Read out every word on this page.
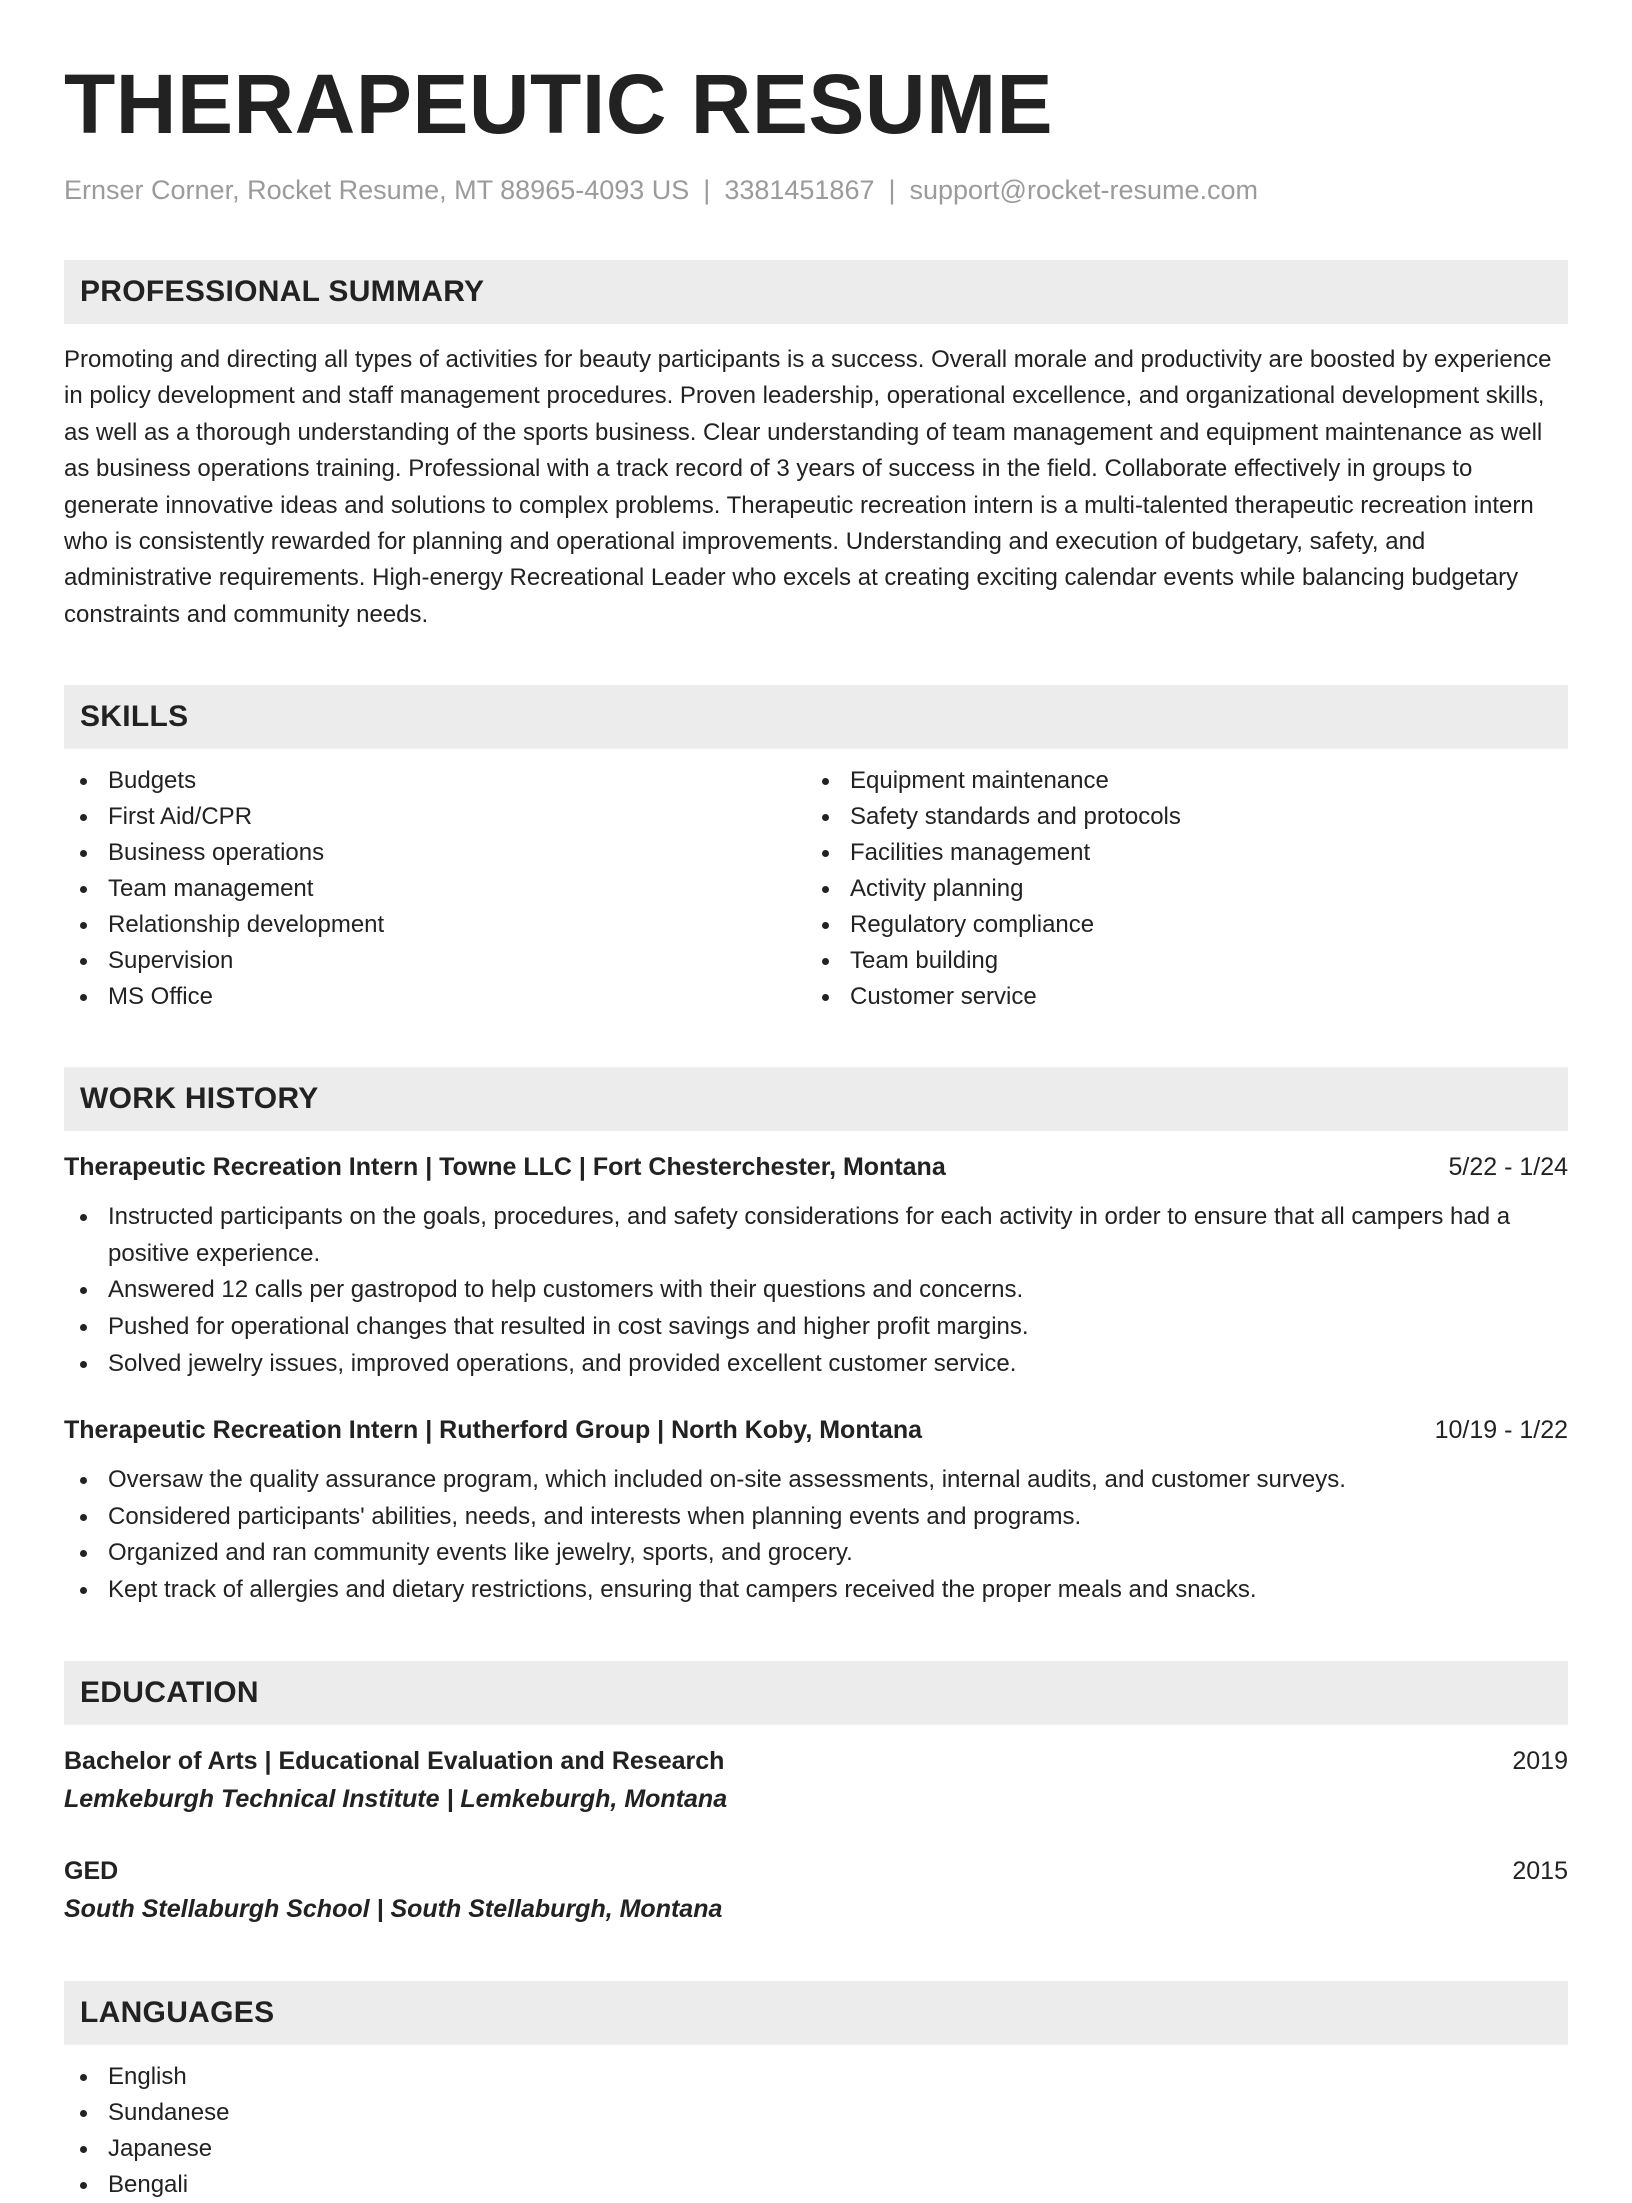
THERAPEUTIC RESUME
Ernser Corner, Rocket Resume, MT 88965-4093 US | 3381451867 | support@rocket-resume.com
PROFESSIONAL SUMMARY

Promoting and directing all types of activities for beauty participants is a success. Overall morale and productivity are boosted by experience in policy development and staff management procedures. Proven leadership, operational excellence, and organizational development skills, as well as a thorough understanding of the sports business. Clear understanding of team management and equipment maintenance as well as business operations training. Professional with a track record of 3 years of success in the field. Collaborate effectively in groups to generate innovative ideas and solutions to complex problems. Therapeutic recreation intern is a multi-talented therapeutic recreation intern who is consistently rewarded for planning and operational improvements. Understanding and execution of budgetary, safety, and administrative requirements. High-energy Recreational Leader who excels at creating exciting calendar events while balancing budgetary constraints and community needs.

SKILLS
Budgets
First Aid/CPR
Business operations
Team management
Relationship development
Supervision
MS Office
Equipment maintenance
Safety standards and protocols
Facilities management
Activity planning
Regulatory compliance
Team building
Customer service
WORK HISTORY
Therapeutic Recreation Intern | Towne LLC | Fort Chesterchester, Montana	5/22 - 1/24
Instructed participants on the goals, procedures, and safety considerations for each activity in order to ensure that all campers had a positive experience.
Answered 12 calls per gastropod to help customers with their questions and concerns.
Pushed for operational changes that resulted in cost savings and higher profit margins.
Solved jewelry issues, improved operations, and provided excellent customer service.
Therapeutic Recreation Intern | Rutherford Group | North Koby, Montana	10/19 - 1/22
Oversaw the quality assurance program, which included on-site assessments, internal audits, and customer surveys.
Considered participants' abilities, needs, and interests when planning events and programs.
Organized and ran community events like jewelry, sports, and grocery.
Kept track of allergies and dietary restrictions, ensuring that campers received the proper meals and snacks.
EDUCATION
Bachelor of Arts | Educational Evaluation and Research	2019
Lemkeburgh Technical Institute | Lemkeburgh, Montana
GED	2015
South Stellaburgh School | South Stellaburgh, Montana
LANGUAGES
English
Sundanese
Japanese
Bengali
